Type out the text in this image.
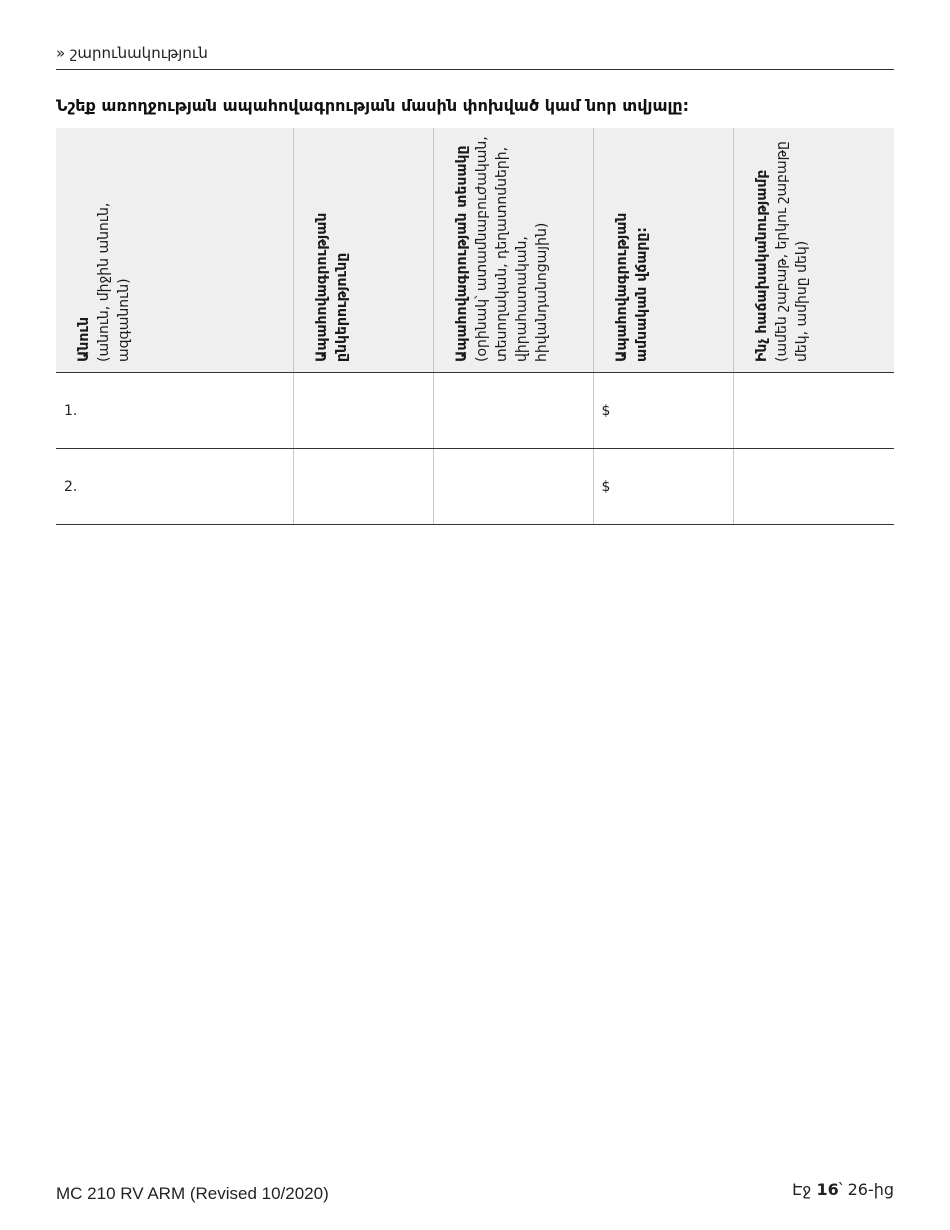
» շարունակություն
Նշեք առողջության ապահովագրության մասին փոխված կամ նոր տվյալը:
Անուն (անուն, միջին անուն, ազգանուն)	Ապահովագրության ընկերությունը	Ապահովագրության տեսակը (օրինակ՝ ատամնաբուժական, տեսողական, դեղատոմսերի, վիրահատական, հիվանդանոցային)	Ապահովագրության ամսական վճարը:	Ինչ հաճախականությամբ (ամեն շաբաթ, երկու շաբաթը մեկ, ամիսը մեկ)

1.			$	
2.			$	
MC 210 RV ARM (Revised 10/2020)	Էջ 16՝ 26-ից
